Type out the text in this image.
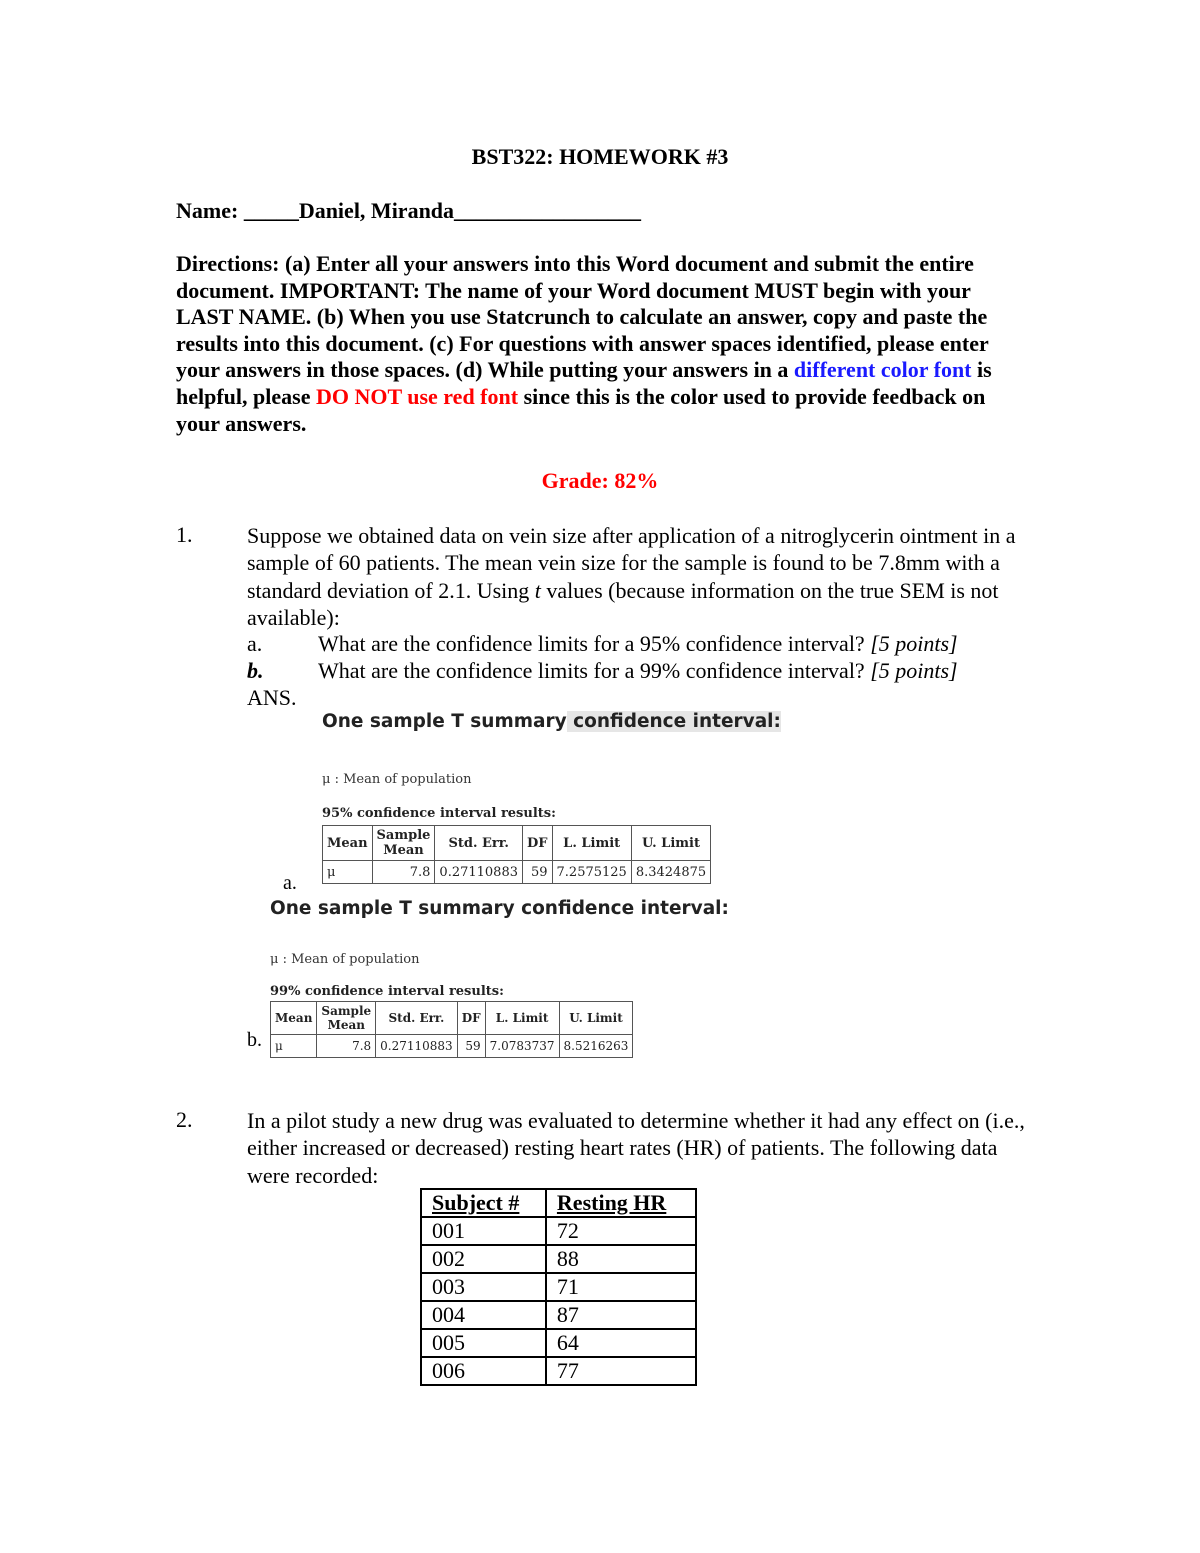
BST322: HOMEWORK #3
Name: _____Daniel, Miranda_________________
Directions: (a) Enter all your answers into this Word document and submit the entire document. IMPORTANT: The name of your Word document MUST begin with your LAST NAME. (b) When you use Statcrunch to calculate an answer, copy and paste the results into this document. (c) For questions with answer spaces identified, please enter your answers in those spaces. (d) While putting your answers in a different color font is helpful, please DO NOT use red font since this is the color used to provide feedback on your answers.
Grade: 82%
1. Suppose we obtained data on vein size after application of a nitroglycerin ointment in a sample of 60 patients. The mean vein size for the sample is found to be 7.8mm with a standard deviation of 2.1. Using t values (because information on the true SEM is not available):
a.	What are the confidence limits for a 95% confidence interval? [5 points]
b. What are the confidence limits for a 99% confidence interval? [5 points]
ANS.
One sample T summary confidence interval:
μ : Mean of population
95% confidence interval results:
Mean	Sample Mean	Std. Err.	DF	L. Limit	U. Limit
μ	7.8	0.27110883	59	7.2575125	8.3424875
a.
One sample T summary confidence interval:
μ : Mean of population
99% confidence interval results:
Mean	Sample Mean	Std. Err.	DF	L. Limit	U. Limit
μ	7.8	0.27110883	59	7.0783737	8.5216263
b.
2. In a pilot study a new drug was evaluated to determine whether it had any effect on (i.e., either increased or decreased) resting heart rates (HR) of patients. The following data were recorded:
Subject #	Resting HR
001	72
002	88
003	71
004	87
005	64
006	77
